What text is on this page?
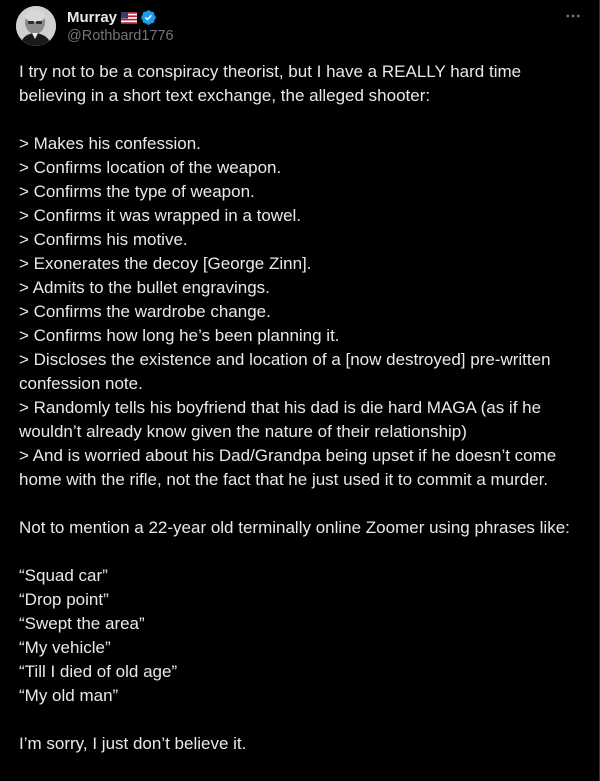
Murray
@Rothbard1776

I try not to be a conspiracy theorist, but I have a REALLY hard time believing in a short text exchange, the alleged shooter:

> Makes his confession.
> Confirms location of the weapon.
> Confirms the type of weapon.
> Confirms it was wrapped in a towel.
> Confirms his motive.
> Exonerates the decoy [George Zinn].
> Admits to the bullet engravings.
> Confirms the wardrobe change.
> Confirms how long he’s been planning it.
> Discloses the existence and location of a [now destroyed] pre-written confession note.
> Randomly tells his boyfriend that his dad is die hard MAGA (as if he wouldn’t already know given the nature of their relationship)
> And is worried about his Dad/Grandpa being upset if he doesn’t come home with the rifle, not the fact that he just used it to commit a murder.

Not to mention a 22-year old terminally online Zoomer using phrases like:

“Squad car”
“Drop point”
“Swept the area”
“My vehicle”
“Till I died of old age”
“My old man”

I’m sorry, I just don’t believe it.
